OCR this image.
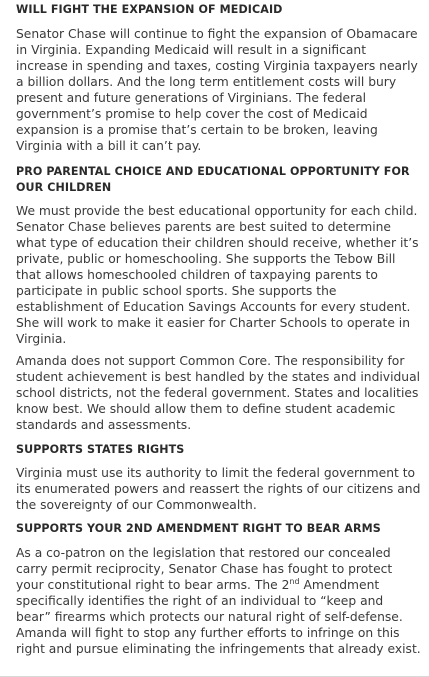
WILL FIGHT THE EXPANSION OF MEDICAID

Senator Chase will continue to fight the expansion of Obamacare in Virginia. Expanding Medicaid will result in a significant increase in spending and taxes, costing Virginia taxpayers nearly a billion dollars. And the long term entitlement costs will bury present and future generations of Virginians. The federal government’s promise to help cover the cost of Medicaid expansion is a promise that’s certain to be broken, leaving Virginia with a bill it can’t pay.

PRO PARENTAL CHOICE AND EDUCATIONAL OPPORTUNITY FOR OUR CHILDREN

We must provide the best educational opportunity for each child. Senator Chase believes parents are best suited to determine what type of education their children should receive, whether it’s private, public or homeschooling. She supports the Tebow Bill that allows homeschooled children of taxpaying parents to participate in public school sports. She supports the establishment of Education Savings Accounts for every student. She will work to make it easier for Charter Schools to operate in Virginia.

Amanda does not support Common Core. The responsibility for student achievement is best handled by the states and individual school districts, not the federal government. States and localities know best. We should allow them to define student academic standards and assessments.

SUPPORTS STATES RIGHTS

Virginia must use its authority to limit the federal government to its enumerated powers and reassert the rights of our citizens and the sovereignty of our Commonwealth.

SUPPORTS YOUR 2ND AMENDMENT RIGHT TO BEAR ARMS

As a co-patron on the legislation that restored our concealed carry permit reciprocity, Senator Chase has fought to protect your constitutional right to bear arms. The 2nd Amendment specifically identifies the right of an individual to “keep and bear” firearms which protects our natural right of self-defense. Amanda will fight to stop any further efforts to infringe on this right and pursue eliminating the infringements that already exist.
